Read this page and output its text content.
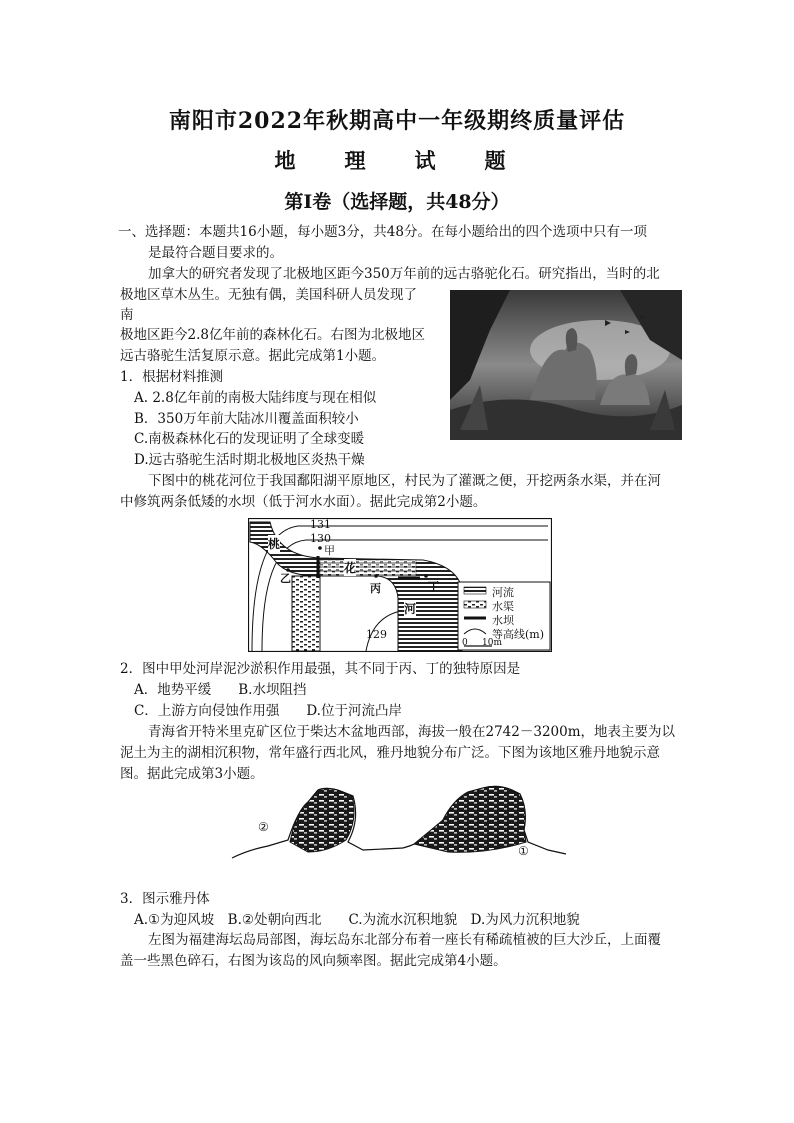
南阳市2022年秋期高中一年级期终质量评估
地　理　试　题
第Ⅰ卷（选择题，共48分）
一、选择题：本题共16小题，每小题3分，共48分。在每小题给出的四个选项中只有一项
是最符合题目要求的。
加拿大的研究者发现了北极地区距今350万年前的远古骆驼化石。研究指出，当时的北
极地区草木丛生。无独有偶，美国科研人员发现了
南
极地区距今2.8亿年前的森林化石。右图为北极地区
远古骆驼生活复原示意。据此完成第1小题。
1．根据材料推测
A. 2.8亿年前的南极大陆纬度与现在相似
B．350万年前大陆冰川覆盖面积较小
C.南极森林化石的发现证明了全球变暖
D.远古骆驼生活时期北极地区炎热干燥
下图中的桃花河位于我国鄱阳湖平原地区，村民为了灌溉之便，开挖两条水渠，并在河
中修筑两条低矮的水坝（低于河水水面）。据此完成第2小题。
131
130
129
甲
乙
丙	丁
桃
花
河
河流
水渠
水坝
等高线(m)
0 10m
2．图中甲处河岸泥沙淤积作用最强，其不同于丙、丁的独特原因是
A．地势平缓　　B.水坝阻挡
C．上游方向侵蚀作用强　　D.位于河流凸岸
青海省开特米里克矿区位于柴达木盆地西部，海拔一般在2742－3200m，地表主要为以
泥土为主的湖相沉积物，常年盛行西北风，雅丹地貌分布广泛。下图为该地区雅丹地貌示意
图。据此完成第3小题。
②
①
3．图示雅丹体
A.①为迎风坡　B.②处朝向西北　　C.为流水沉积地貌　D.为风力沉积地貌
左图为福建海坛岛局部图，海坛岛东北部分布着一座长有稀疏植被的巨大沙丘，上面覆
盖一些黑色碎石，右图为该岛的风向频率图。据此完成第4小题。
